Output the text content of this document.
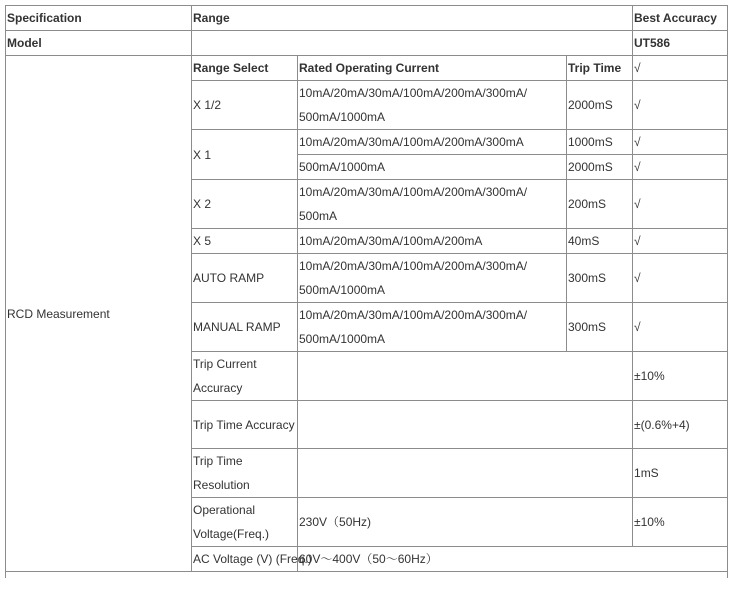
Specification	Range			Best Accuracy	
Model				UT586	
RCD Measurement	Range Select	Rated Operating Current	Trip Time	√	
	X 1/2	10mA/20mA/30mA/100mA/200mA/300mA/ 500mA/1000mA	2000mS	√	
	X 1	10mA/20mA/30mA/100mA/200mA/300mA	1000mS	√	
		500mA/1000mA	2000mS	√	
	X 2	10mA/20mA/30mA/100mA/200mA/300mA/ 500mA	200mS	√	
	X 5	10mA/20mA/30mA/100mA/200mA	40mS	√	
	AUTO RAMP	10mA/20mA/30mA/100mA/200mA/300mA/ 500mA/1000mA	300mS	√	
	MANUAL RAMP	10mA/20mA/30mA/100mA/200mA/300mA/ 500mA/1000mA	300mS	√	
	Trip Current Accuracy			±10%	
	Trip Time Accuracy			±(0.6%+4)	
	Trip Time Resolution			1mS	
	Operational Voltage(Freq.)	230V（50Hz)		±10%	
	AC Voltage (V) (Freq.)	60V～400V（50～60Hz）	
